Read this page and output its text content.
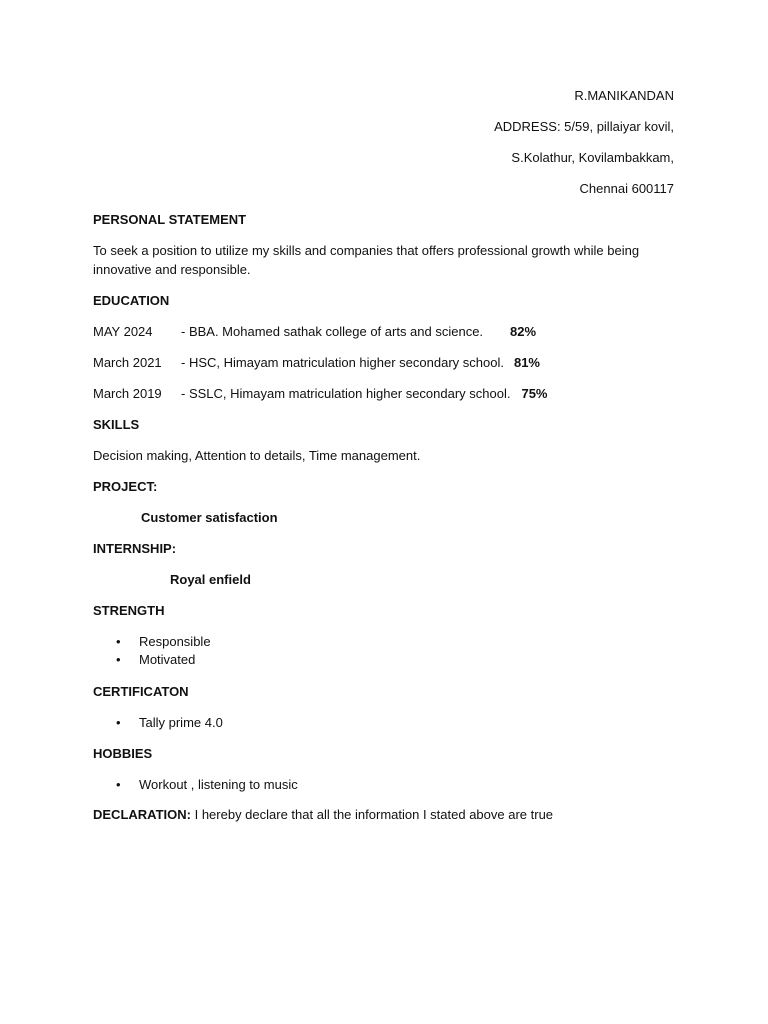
R.MANIKANDAN
ADDRESS: 5/59, pillaiyar kovil,
S.Kolathur, Kovilambakkam,
Chennai 600117
PERSONAL STATEMENT
To seek a position to utilize my skills and companies that offers professional growth while being innovative and responsible.
EDUCATION
MAY 2024 - BBA. Mohamed sathak college of arts and science. 82%
March 2021 - HSC, Himayam matriculation higher secondary school. 81%
March 2019 - SSLC, Himayam matriculation higher secondary school. 75%
SKILLS
Decision making, Attention to details, Time management.
PROJECT:
Customer satisfaction
INTERNSHIP:
Royal enfield
STRENGTH
• Responsible
• Motivated
CERTIFICATON
• Tally prime 4.0
HOBBIES
• Workout , listening to music
DECLARATION: I hereby declare that all the information I stated above are true
